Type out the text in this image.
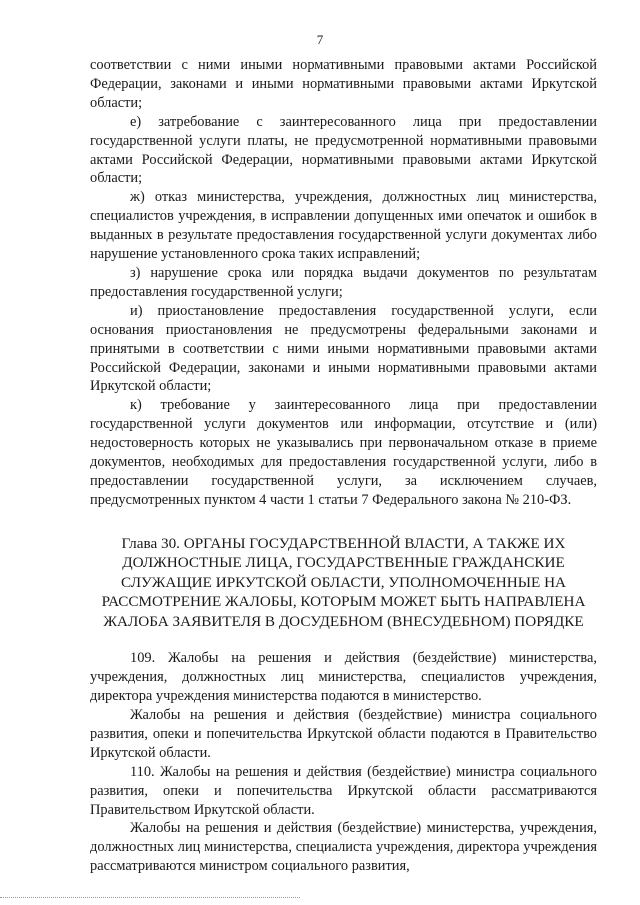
7

соответствии с ними иными нормативными правовыми актами Российской Федерации, законами и иными нормативными правовыми актами Иркутской области;

е) затребование с заинтересованного лица при предоставлении государственной услуги платы, не предусмотренной нормативными правовыми актами Российской Федерации, нормативными правовыми актами Иркутской области;

ж) отказ министерства, учреждения, должностных лиц министерства, специалистов учреждения, в исправлении допущенных ими опечаток и ошибок в выданных в результате предоставления государственной услуги документах либо нарушение установленного срока таких исправлений;

з) нарушение срока или порядка выдачи документов по результатам предоставления государственной услуги;

и) приостановление предоставления государственной услуги, если основания приостановления не предусмотрены федеральными законами и принятыми в соответствии с ними иными нормативными правовыми актами Российской Федерации, законами и иными нормативными правовыми актами Иркутской области;

к) требование у заинтересованного лица при предоставлении государственной услуги документов или информации, отсутствие и (или) недостоверность которых не указывались при первоначальном отказе в приеме документов, необходимых для предоставления государственной услуги, либо в предоставлении государственной услуги, за исключением случаев, предусмотренных пунктом 4 части 1 статьи 7 Федерального закона № 210-ФЗ.

Глава 30. ОРГАНЫ ГОСУДАРСТВЕННОЙ ВЛАСТИ, А ТАКЖЕ ИХ ДОЛЖНОСТНЫЕ ЛИЦА, ГОСУДАРСТВЕННЫЕ ГРАЖДАНСКИЕ СЛУЖАЩИЕ ИРКУТСКОЙ ОБЛАСТИ, УПОЛНОМОЧЕННЫЕ НА РАССМОТРЕНИЕ ЖАЛОБЫ, КОТОРЫМ МОЖЕТ БЫТЬ НАПРАВЛЕНА ЖАЛОБА ЗАЯВИТЕЛЯ В ДОСУДЕБНОМ (ВНЕСУДЕБНОМ) ПОРЯДКЕ

109. Жалобы на решения и действия (бездействие) министерства, учреждения, должностных лиц министерства, специалистов учреждения, директора учреждения министерства подаются в министерство.

Жалобы на решения и действия (бездействие) министра социального развития, опеки и попечительства Иркутской области подаются в Правительство Иркутской области.

110. Жалобы на решения и действия (бездействие) министра социального развития, опеки и попечительства Иркутской области рассматриваются Правительством Иркутской области.

Жалобы на решения и действия (бездействие) министерства, учреждения, должностных лиц министерства, специалиста учреждения, директора учреждения рассматриваются министром социального развития,
